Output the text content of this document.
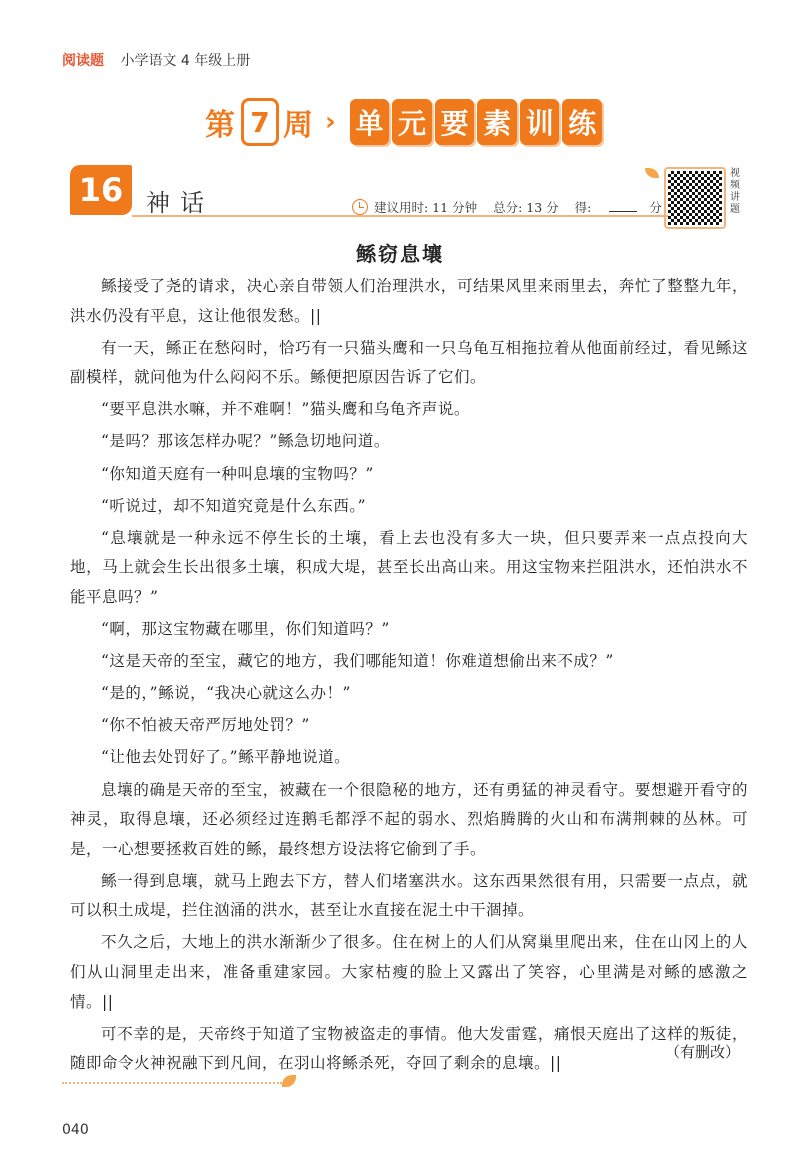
阅读题 小学语文 4 年级上册
第 7 周 › 单 元 要 素 训 练
16 神话	建议用时: 11 分钟 总分: 13 分 得:	分
视频讲题
鲧窃息壤

鲧接受了尧的请求，决心亲自带领人们治理洪水，可结果风里来雨里去，奔忙了整整九年，洪水仍没有平息，这让他很发愁。||

有一天，鲧正在愁闷时，恰巧有一只猫头鹰和一只乌龟互相拖拉着从他面前经过，看见鲧这副模样，就问他为什么闷闷不乐。鲧便把原因告诉了它们。

“要平息洪水嘛，并不难啊！”猫头鹰和乌龟齐声说。

“是吗？那该怎样办呢？”鲧急切地问道。

“你知道天庭有一种叫息壤的宝物吗？”

“听说过，却不知道究竟是什么东西。”

“息壤就是一种永远不停生长的土壤，看上去也没有多大一块，但只要弄来一点点投向大地，马上就会生长出很多土壤，积成大堤，甚至长出高山来。用这宝物来拦阻洪水，还怕洪水不能平息吗？”

“啊，那这宝物藏在哪里，你们知道吗？”

“这是天帝的至宝，藏它的地方，我们哪能知道！你难道想偷出来不成？”

“是的，”鲧说，“我决心就这么办！”

“你不怕被天帝严厉地处罚？”

“让他去处罚好了。”鲧平静地说道。

息壤的确是天帝的至宝，被藏在一个很隐秘的地方，还有勇猛的神灵看守。要想避开看守的神灵，取得息壤，还必须经过连鹅毛都浮不起的弱水、烈焰腾腾的火山和布满荆棘的丛林。可是，一心想要拯救百姓的鲧，最终想方设法将它偷到了手。

鲧一得到息壤，就马上跑去下方，替人们堵塞洪水。这东西果然很有用，只需要一点点，就可以积土成堤，拦住汹涌的洪水，甚至让水直接在泥土中干涸掉。

不久之后，大地上的洪水渐渐少了很多。住在树上的人们从窝巢里爬出来，住在山冈上的人们从山洞里走出来，准备重建家园。大家枯瘦的脸上又露出了笑容，心里满是对鲧的感激之情。||

可不幸的是，天帝终于知道了宝物被盗走的事情。他大发雷霆，痛恨天庭出了这样的叛徒，随即命令火神祝融下到凡间，在羽山将鲧杀死，夺回了剩余的息壤。||

（有删改）
040
